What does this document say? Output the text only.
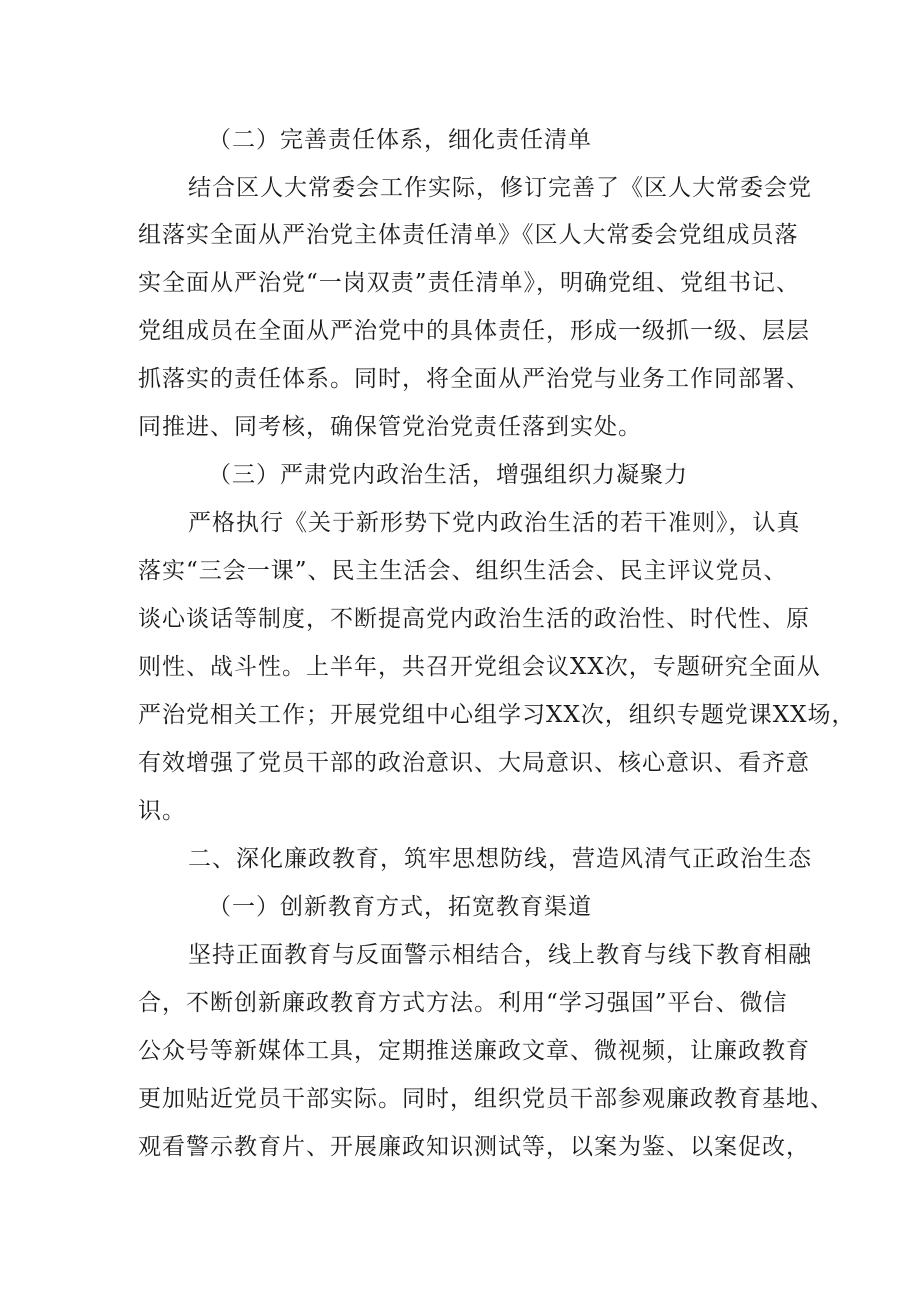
（二）完善责任体系，细化责任清单
结合区人大常委会工作实际，修订完善了《区人大常委会党
组落实全面从严治党主体责任清单》《区人大常委会党组成员落
实全面从严治党“一岗双责”责任清单》，明确党组、党组书记、
党组成员在全面从严治党中的具体责任，形成一级抓一级、层层
抓落实的责任体系。同时，将全面从严治党与业务工作同部署、
同推进、同考核，确保管党治党责任落到实处。
（三）严肃党内政治生活，增强组织力凝聚力
严格执行《关于新形势下党内政治生活的若干准则》，认真
落实“三会一课”、民主生活会、组织生活会、民主评议党员、
谈心谈话等制度，不断提高党内政治生活的政治性、时代性、原
则性、战斗性。上半年，共召开党组会议XX次，专题研究全面从
严治党相关工作；开展党组中心组学习XX次，组织专题党课XX场，
有效增强了党员干部的政治意识、大局意识、核心意识、看齐意
识。
二、深化廉政教育，筑牢思想防线，营造风清气正政治生态
（一）创新教育方式，拓宽教育渠道
坚持正面教育与反面警示相结合，线上教育与线下教育相融
合，不断创新廉政教育方式方法。利用“学习强国”平台、微信
公众号等新媒体工具，定期推送廉政文章、微视频，让廉政教育
更加贴近党员干部实际。同时，组织党员干部参观廉政教育基地、
观看警示教育片、开展廉政知识测试等，以案为鉴、以案促改，
